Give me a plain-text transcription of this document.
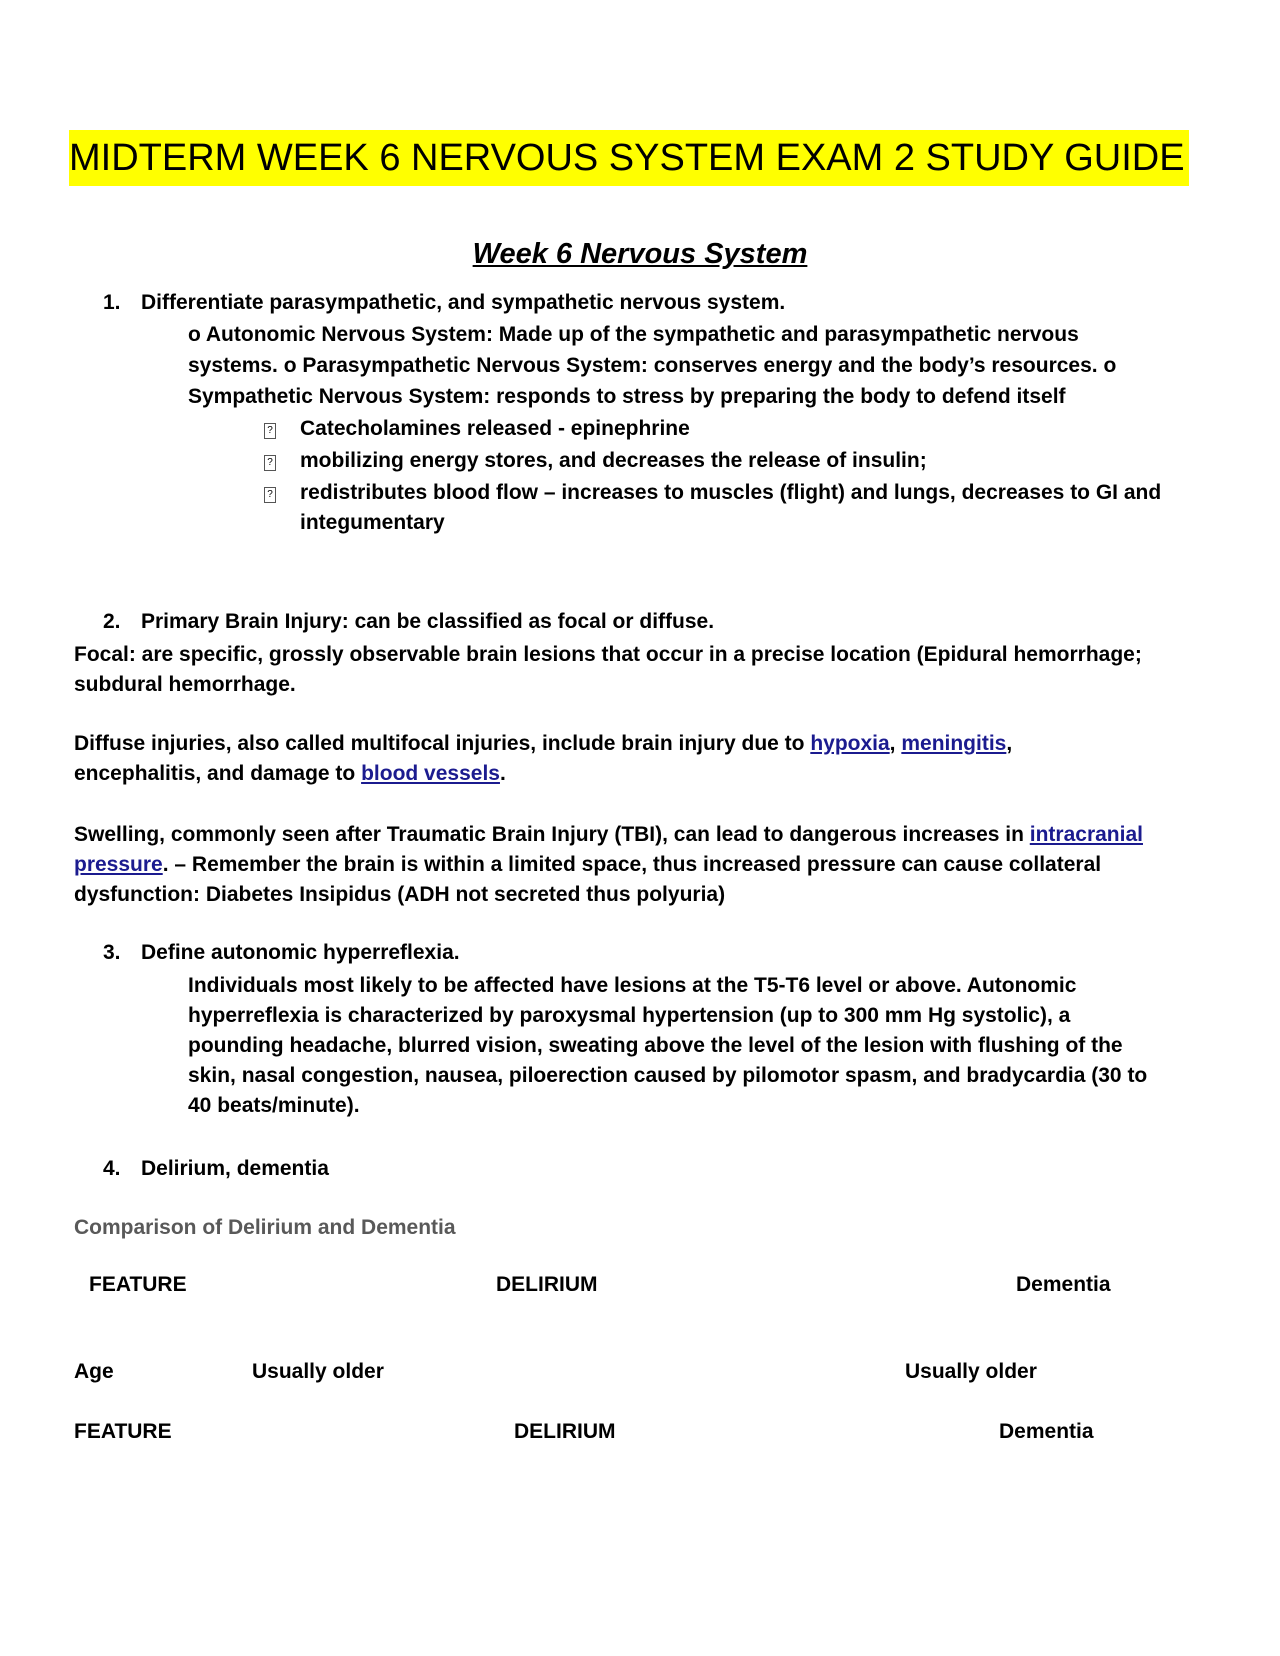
MIDTERM WEEK 6 NERVOUS SYSTEM EXAM 2 STUDY GUIDE
Week 6 Nervous System
1. Differentiate parasympathetic, and sympathetic nervous system.
o Autonomic Nervous System: Made up of the sympathetic and parasympathetic nervous
systems. o Parasympathetic Nervous System: conserves energy and the body’s resources. o
Sympathetic Nervous System: responds to stress by preparing the body to defend itself
? Catecholamines released - epinephrine
? mobilizing energy stores, and decreases the release of insulin;
? redistributes blood flow – increases to muscles (flight) and lungs, decreases to GI and
integumentary
2. Primary Brain Injury: can be classified as focal or diffuse.
Focal: are specific, grossly observable brain lesions that occur in a precise location (Epidural hemorrhage;
subdural hemorrhage.
Diffuse injuries, also called multifocal injuries, include brain injury due to hypoxia, meningitis,
encephalitis, and damage to blood vessels.
Swelling, commonly seen after Traumatic Brain Injury (TBI), can lead to dangerous increases in intracranial
pressure. – Remember the brain is within a limited space, thus increased pressure can cause collateral
dysfunction: Diabetes Insipidus (ADH not secreted thus polyuria)
3. Define autonomic hyperreflexia.
Individuals most likely to be affected have lesions at the T5-T6 level or above. Autonomic
hyperreflexia is characterized by paroxysmal hypertension (up to 300 mm Hg systolic), a
pounding headache, blurred vision, sweating above the level of the lesion with flushing of the
skin, nasal congestion, nausea, piloerection caused by pilomotor spasm, and bradycardia (30 to
40 beats/minute).
4. Delirium, dementia
Comparison of Delirium and Dementia
FEATURE	DELIRIUM	Dementia
Age	Usually older	Usually older
FEATURE	DELIRIUM	Dementia
